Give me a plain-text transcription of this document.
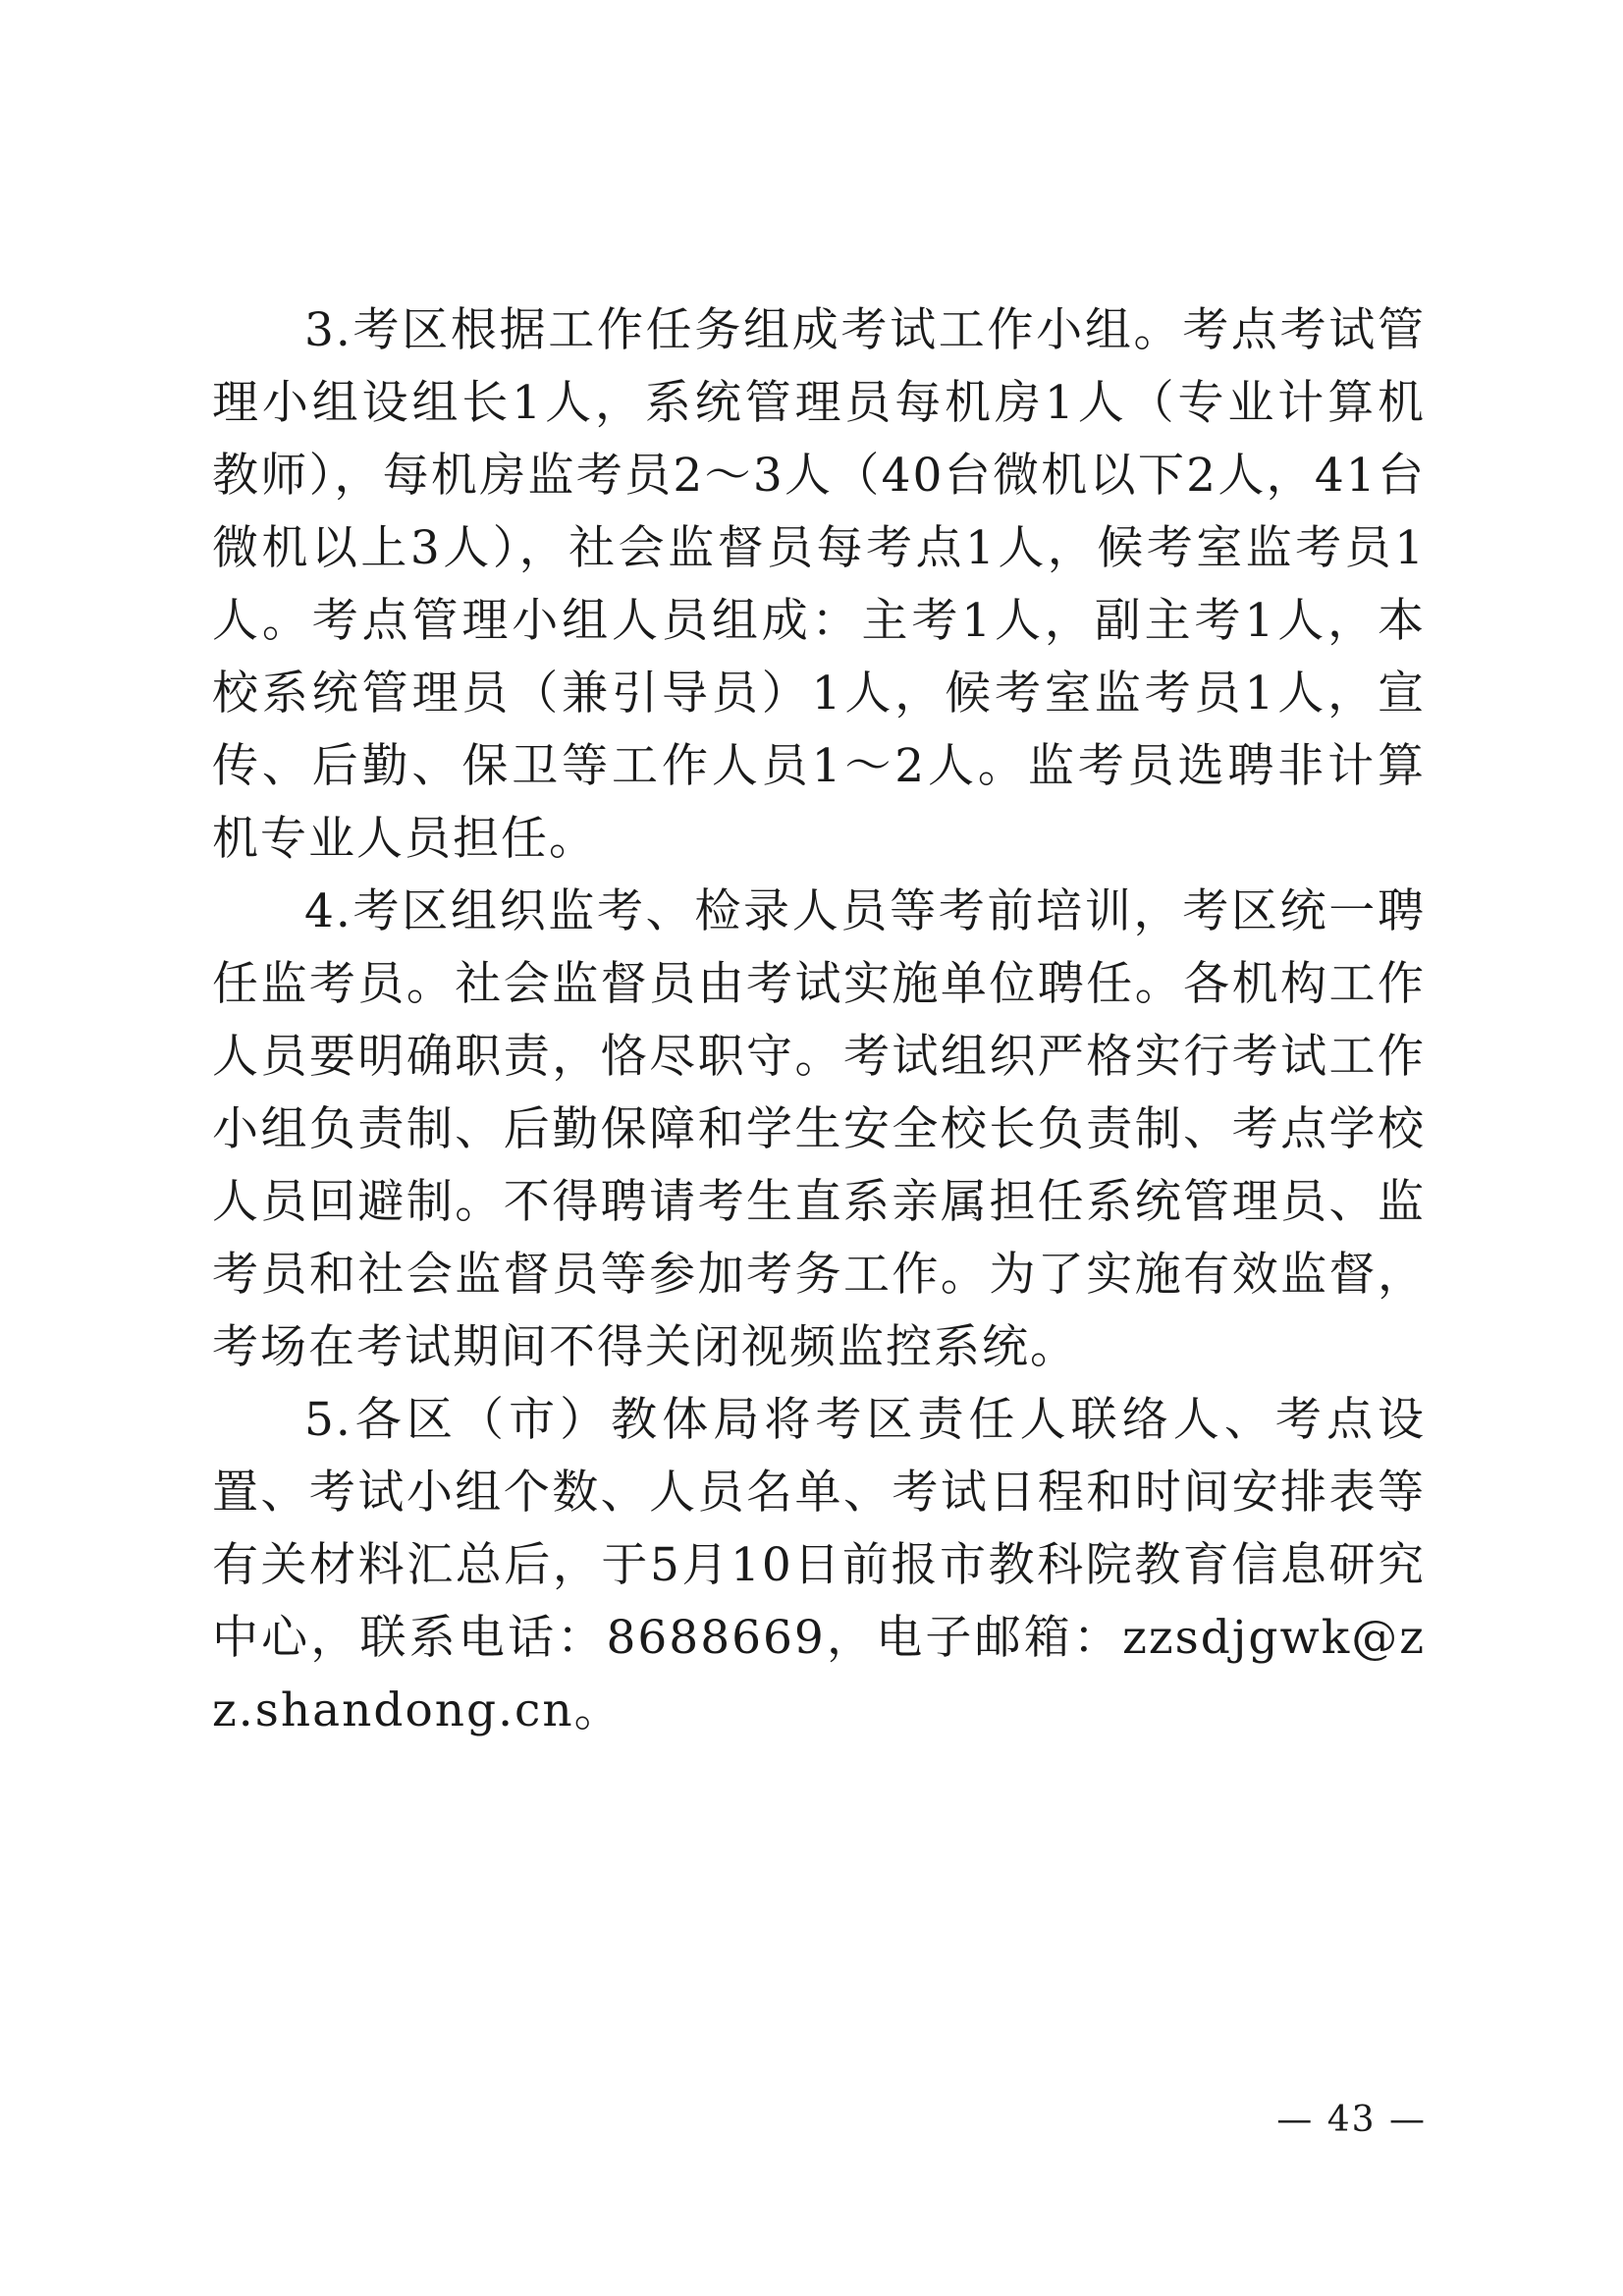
3.考区根据工作任务组成考试工作小组。考点考试管理小组设组长1人，系统管理员每机房1人（专业计算机教师），每机房监考员2～3人（40台微机以下2人，41台微机以上3人），社会监督员每考点1人，候考室监考员1人。考点管理小组人员组成：主考1人，副主考1人，本校系统管理员（兼引导员）1人，候考室监考员1人，宣传、后勤、保卫等工作人员1～2人。监考员选聘非计算机专业人员担任。

4.考区组织监考、检录人员等考前培训，考区统一聘任监考员。社会监督员由考试实施单位聘任。各机构工作人员要明确职责，恪尽职守。考试组织严格实行考试工作小组负责制、后勤保障和学生安全校长负责制、考点学校人员回避制。不得聘请考生直系亲属担任系统管理员、监考员和社会监督员等参加考务工作。为了实施有效监督，考场在考试期间不得关闭视频监控系统。

5.各区（市）教体局将考区责任人联络人、考点设置、考试小组个数、人员名单、考试日程和时间安排表等有关材料汇总后，于5月10日前报市教科院教育信息研究中心，联系电话：8688669，电子邮箱：zzsdjgwk@zz.shandong.cn。

— 43 —
